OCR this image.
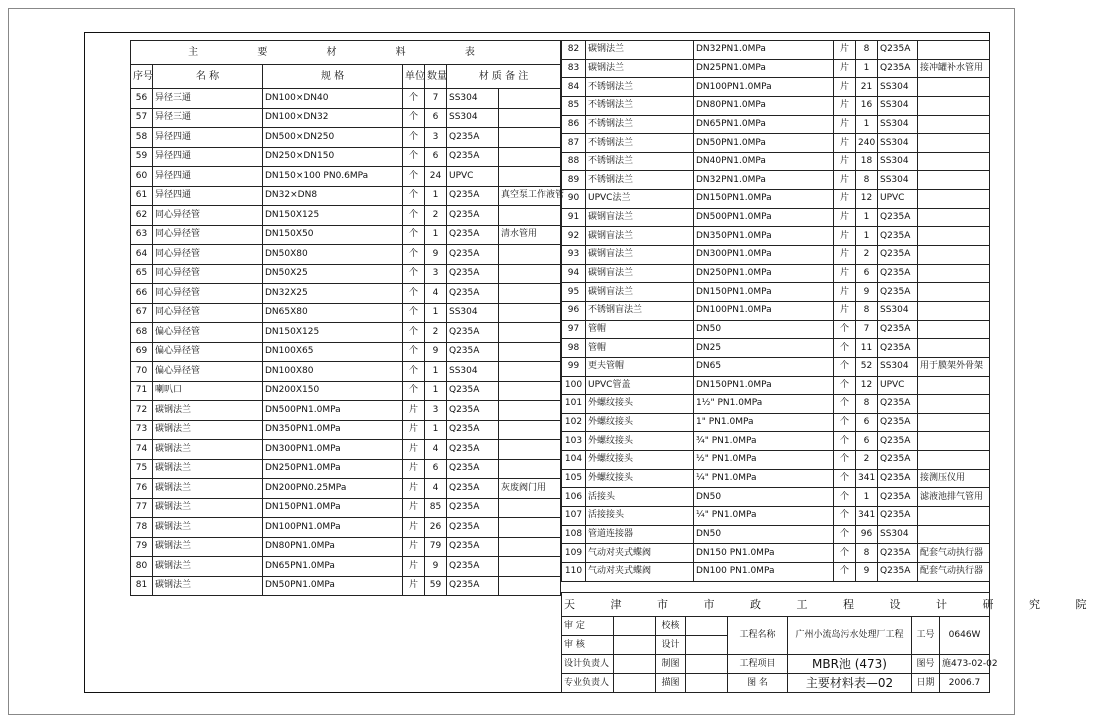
主 要 材 料 表						
序号	名 称	规 格	单位	数量	材 质 备 注	
56	异径三通	DN100×DN40	个	7	SS304	
57	异径三通	DN100×DN32	个	6	SS304	
58	异径四通	DN500×DN250	个	3	Q235A	
59	异径四通	DN250×DN150	个	6	Q235A	
60	异径四通	DN150×100 PN0.6MPa	个	24	UPVC	
61	异径四通	DN32×DN8	个	1	Q235A	真空泵工作液管
62	同心异径管	DN150X125	个	2	Q235A	
63	同心异径管	DN150X50	个	1	Q235A	清水管用
64	同心异径管	DN50X80	个	9	Q235A	
65	同心异径管	DN50X25	个	3	Q235A	
66	同心异径管	DN32X25	个	4	Q235A	
67	同心异径管	DN65X80	个	1	SS304	
68	偏心异径管	DN150X125	个	2	Q235A	
69	偏心异径管	DN100X65	个	9	Q235A	
70	偏心异径管	DN100X80	个	1	SS304	
71	喇叭口	DN200X150	个	1	Q235A	
72	碳钢法兰	DN500PN1.0MPa	片	3	Q235A	
73	碳钢法兰	DN350PN1.0MPa	片	1	Q235A	
74	碳钢法兰	DN300PN1.0MPa	片	4	Q235A	
75	碳钢法兰	DN250PN1.0MPa	片	6	Q235A	
76	碳钢法兰	DN200PN0.25MPa	片	4	Q235A	灰废阀门用
77	碳钢法兰	DN150PN1.0MPa	片	85	Q235A	
78	碳钢法兰	DN100PN1.0MPa	片	26	Q235A	
79	碳钢法兰	DN80PN1.0MPa	片	79	Q235A	
80	碳钢法兰	DN65PN1.0MPa	片	9	Q235A	
81	碳钢法兰	DN50PN1.0MPa	片	59	Q235A	
82	碳钢法兰	DN32PN1.0MPa	片	8	Q235A	
83	碳钢法兰	DN25PN1.0MPa	片	1	Q235A	接冲罐补水管用
84	不锈钢法兰	DN100PN1.0MPa	片	21	SS304	
85	不锈钢法兰	DN80PN1.0MPa	片	16	SS304	
86	不锈钢法兰	DN65PN1.0MPa	片	1	SS304	
87	不锈钢法兰	DN50PN1.0MPa	片	240	SS304	
88	不锈钢法兰	DN40PN1.0MPa	片	18	SS304	
89	不锈钢法兰	DN32PN1.0MPa	片	8	SS304	
90	UPVC法兰	DN150PN1.0MPa	片	12	UPVC	
91	碳钢盲法兰	DN500PN1.0MPa	片	1	Q235A	
92	碳钢盲法兰	DN350PN1.0MPa	片	1	Q235A	
93	碳钢盲法兰	DN300PN1.0MPa	片	2	Q235A	
94	碳钢盲法兰	DN250PN1.0MPa	片	6	Q235A	
95	碳钢盲法兰	DN150PN1.0MPa	片	9	Q235A	
96	不锈钢盲法兰	DN100PN1.0MPa	片	8	SS304	
97	管帽	DN50	个	7	Q235A	
98	管帽	DN25	个	11	Q235A	
99	更夫管帽	DN65	个	52	SS304	用于膜架外骨架
100	UPVC管盖	DN150PN1.0MPa	个	12	UPVC	
101	外螺纹接头	1½" PN1.0MPa	个	8	Q235A	
102	外螺纹接头	1" PN1.0MPa	个	6	Q235A	
103	外螺纹接头	¾" PN1.0MPa	个	6	Q235A	
104	外螺纹接头	½" PN1.0MPa	个	2	Q235A	
105	外螺纹接头	¼" PN1.0MPa	个	341	Q235A	接测压仪用
106	活接头	DN50	个	1	Q235A	滤液池排气管用
107	活接接头	¼" PN1.0MPa	个	341	Q235A	
108	管道连接器	DN50	个	96	SS304	
109	气动对夹式蝶阀	DN150 PN1.0MPa	个	8	Q235A	配套气动执行器
110	气动对夹式蝶阀	DN100 PN1.0MPa	个	9	Q235A	配套气动执行器
天 津 市 市 政 工 程 设 计 研 究 院							
审 定		校核		工程名称	广州小流岛污水处理厂工程	工号	0646W
审 核		设计					
设计负责人		制图		工程项目	MBR池 (473)	图号	施473-02-02
专业负责人		描图		图 名	主要材料表—02	日期	2006.7
